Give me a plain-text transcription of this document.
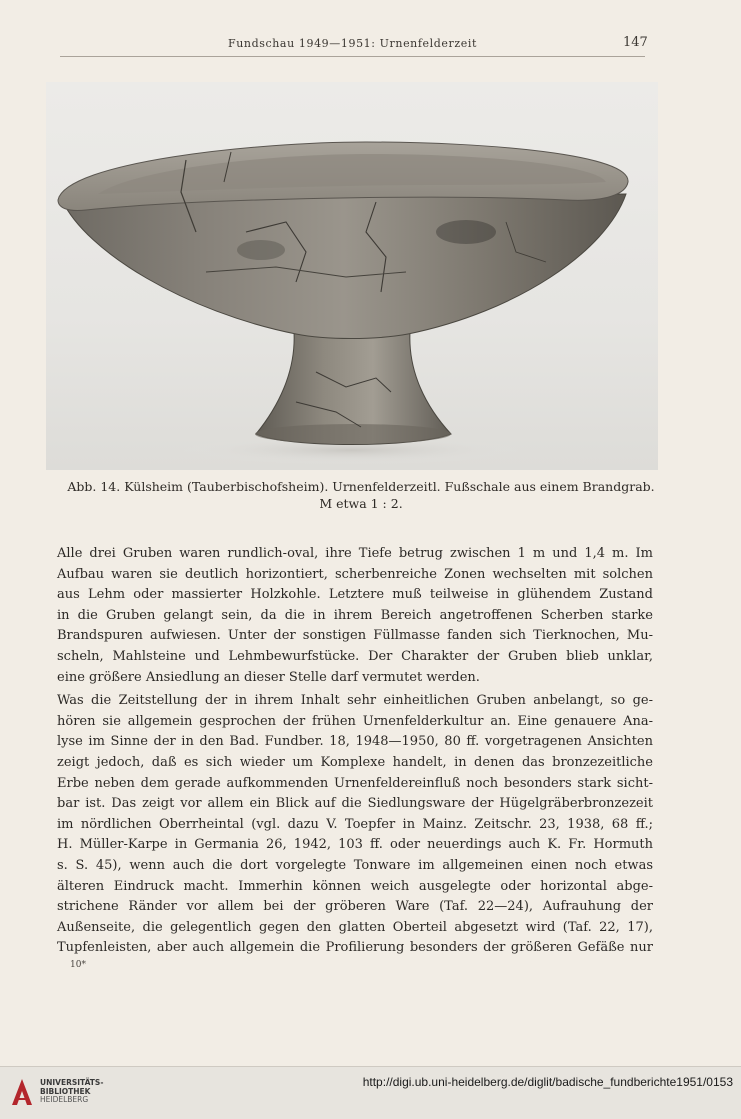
Fundschau 1949—1951: Urnenfelderzeit	147
Abb. 14. Külsheim (Tauberbischofsheim). Urnenfelderzeitl. Fußschale aus einem Brandgrab.
M etwa 1 : 2.

Alle drei Gruben waren rundlich-oval, ihre Tiefe betrug zwischen 1 m und 1,4 m. Im
Aufbau waren sie deutlich horizontiert, scherbenreiche Zonen wechselten mit solchen
aus Lehm oder massierter Holzkohle. Letztere muß teilweise in glühendem Zustand
in die Gruben gelangt sein, da die in ihrem Bereich angetroffenen Scherben starke
Brandspuren aufwiesen. Unter der sonstigen Füllmasse fanden sich Tierknochen, Mu-
scheln, Mahlsteine und Lehmbewurfstücke. Der Charakter der Gruben blieb unklar,
eine größere Ansiedlung an dieser Stelle darf vermutet werden.

Was die Zeitstellung der in ihrem Inhalt sehr einheitlichen Gruben anbelangt, so ge-
hören sie allgemein gesprochen der frühen Urnenfelderkultur an. Eine genauere Ana-
lyse im Sinne der in den Bad. Fundber. 18, 1948—1950, 80 ff. vorgetragenen Ansichten
zeigt jedoch, daß es sich wieder um Komplexe handelt, in denen das bronzezeitliche
Erbe neben dem gerade aufkommenden Urnenfeldereinfluß noch besonders stark sicht-
bar ist. Das zeigt vor allem ein Blick auf die Siedlungsware der Hügelgräberbronzezeit
im nördlichen Oberrheintal (vgl. dazu V. Toepfer in Mainz. Zeitschr. 23, 1938, 68 ff.;
H. Müller-Karpe in Germania 26, 1942, 103 ff. oder neuerdings auch K. Fr. Hormuth
s. S. 45), wenn auch die dort vorgelegte Tonware im allgemeinen einen noch etwas
älteren Eindruck macht. Immerhin können weich ausgelegte oder horizontal abge-
strichene Ränder vor allem bei der gröberen Ware (Taf. 22—24), Aufrauhung der
Außenseite, die gelegentlich gegen den glatten Oberteil abgesetzt wird (Taf. 22, 17),
Tupfenleisten, aber auch allgemein die Profilierung besonders der größeren Gefäße nur

10*
UNIVERSITÄTS-
BIBLIOTHEK
HEIDELBERG
http://digi.ub.uni-heidelberg.de/diglit/badische_fundberichte1951/0153
